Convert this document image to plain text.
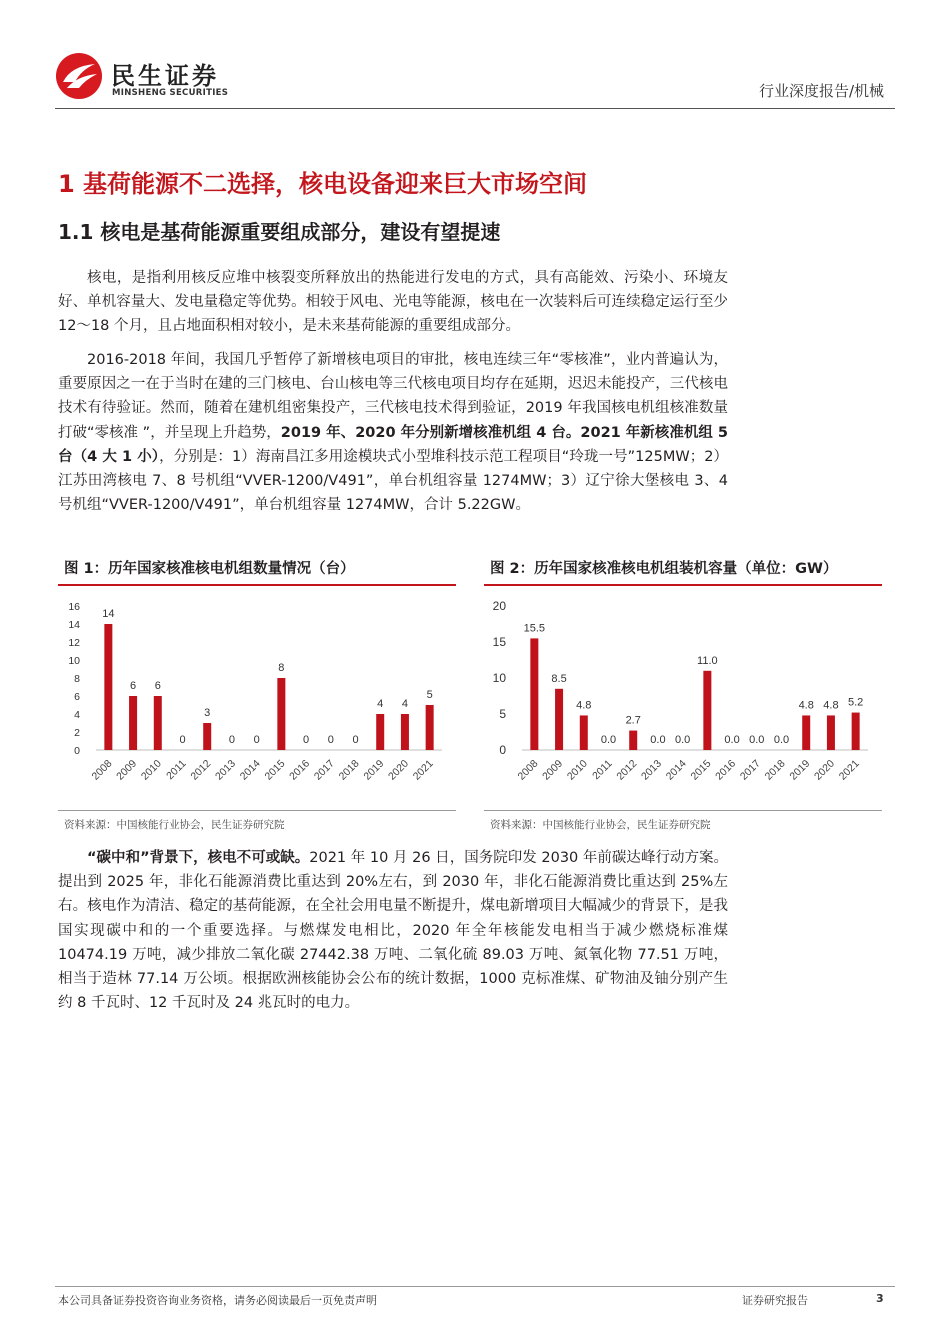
民生证券
MINSHENG SECURITIES	行业深度报告/机械
1 基荷能源不二选择，核电设备迎来巨大市场空间
1.1 核电是基荷能源重要组成部分，建设有望提速

核电，是指利用核反应堆中核裂变所释放出的热能进行发电的方式，具有高能效、污染小、环境友好、单机容量大、发电量稳定等优势。相较于风电、光电等能源，核电在一次装料后可连续稳定运行至少 12～18 个月，且占地面积相对较小，是未来基荷能源的重要组成部分。

2016-2018 年间，我国几乎暂停了新增核电项目的审批，核电连续三年“零核准”，业内普遍认为，重要原因之一在于当时在建的三门核电、台山核电等三代核电项目均存在延期，迟迟未能投产，三代核电技术有待验证。然而，随着在建机组密集投产，三代核电技术得到验证，2019 年我国核电机组核准数量打破“零核准 ”，并呈现上升趋势，2019 年、2020 年分别新增核准机组 4 台。2021 年新核准机组 5 台（4 大 1 小），分别是：1）海南昌江多用途模块式小型堆科技示范工程项目“玲珑一号”125MW；2）江苏田湾核电 7、8 号机组“VVER-1200/V491”，单台机组容量 1274MW；3）辽宁徐大堡核电 3、4 号机组“VVER-1200/V491”，单台机组容量 1274MW，合计 5.22GW。

图 1：历年国家核准核电机组数量情况（台）
0
2
4
6
8
10
12
14
16
14
2008
6
2009
6
2010
0
2011
3
2012
0
2013
0
2014
8
2015
0
2016
0
2017
0
2018
4
2019
4
2020
5
2021
资料来源：中国核能行业协会，民生证券研究院
图 2：历年国家核准核电机组装机容量（单位：GW）
0
5
10
15
20
15.5
2008
8.5
2009
4.8
2010
0.0
2011
2.7
2012
0.0
2013
0.0
2014
11.0
2015
0.0
2016
0.0
2017
0.0
2018
4.8
2019
4.8
2020
5.2
2021
资料来源：中国核能行业协会，民生证券研究院

“碳中和”背景下，核电不可或缺。2021 年 10 月 26 日，国务院印发 2030 年前碳达峰行动方案。提出到 2025 年，非化石能源消费比重达到 20%左右，到 2030 年，非化石能源消费比重达到 25%左右。核电作为清洁、稳定的基荷能源，在全社会用电量不断提升，煤电新增项目大幅减少的背景下，是我国实现碳中和的一个重要选择。与燃煤发电相比，2020 年全年核能发电相当于减少燃烧标准煤 10474.19 万吨，减少排放二氧化碳 27442.38 万吨、二氧化硫 89.03 万吨、氮氧化物 77.51 万吨，相当于造林 77.14 万公顷。根据欧洲核能协会公布的统计数据，1000 克标准煤、矿物油及铀分别产生约 8 千瓦时、12 千瓦时及 24 兆瓦时的电力。

本公司具备证券投资咨询业务资格，请务必阅读最后一页免责声明	证券研究报告	3
